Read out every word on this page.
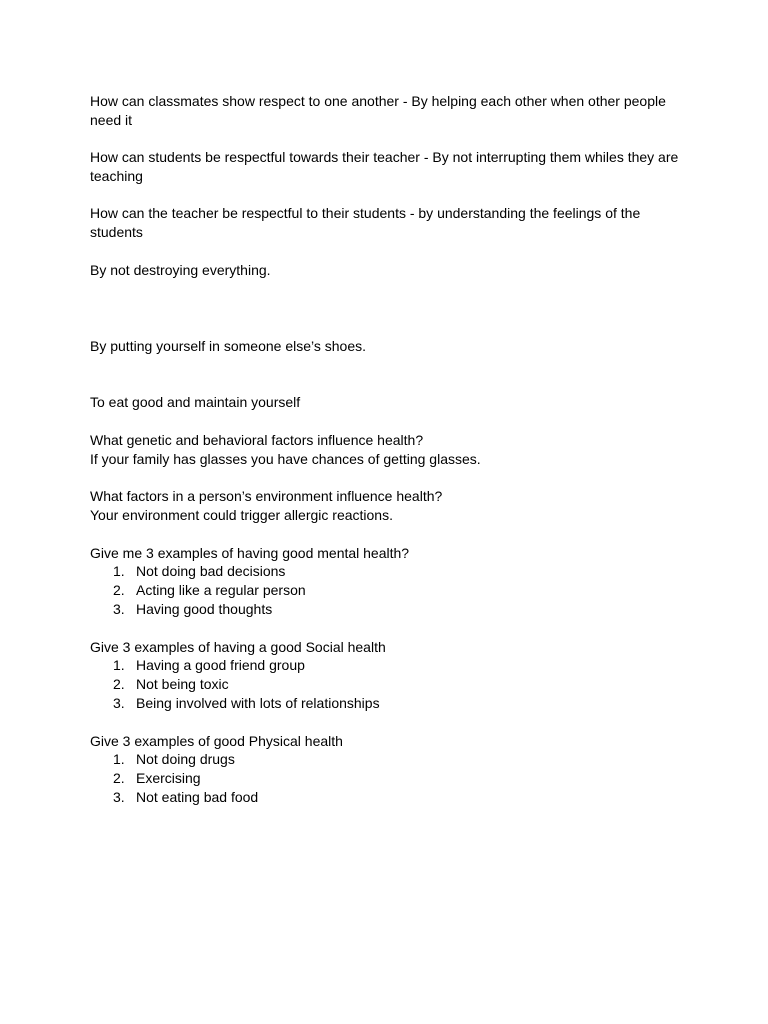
How can classmates show respect to one another - By helping each other when other people
need it
How can students be respectful towards their teacher - By not interrupting them whiles they are
teaching
How can the teacher be respectful to their students - by understanding the feelings of the
students
By not destroying everything.
By putting yourself in someone else’s shoes.
To eat good and maintain yourself
What genetic and behavioral factors influence health?
If your family has glasses you have chances of getting glasses.
What factors in a person’s environment influence health?
Your environment could trigger allergic reactions.
Give me 3 examples of having good mental health?
1. Not doing bad decisions
2. Acting like a regular person
3. Having good thoughts
Give 3 examples of having a good Social health
1. Having a good friend group
2. Not being toxic
3. Being involved with lots of relationships
Give 3 examples of good Physical health
1. Not doing drugs
2. Exercising
3. Not eating bad food
